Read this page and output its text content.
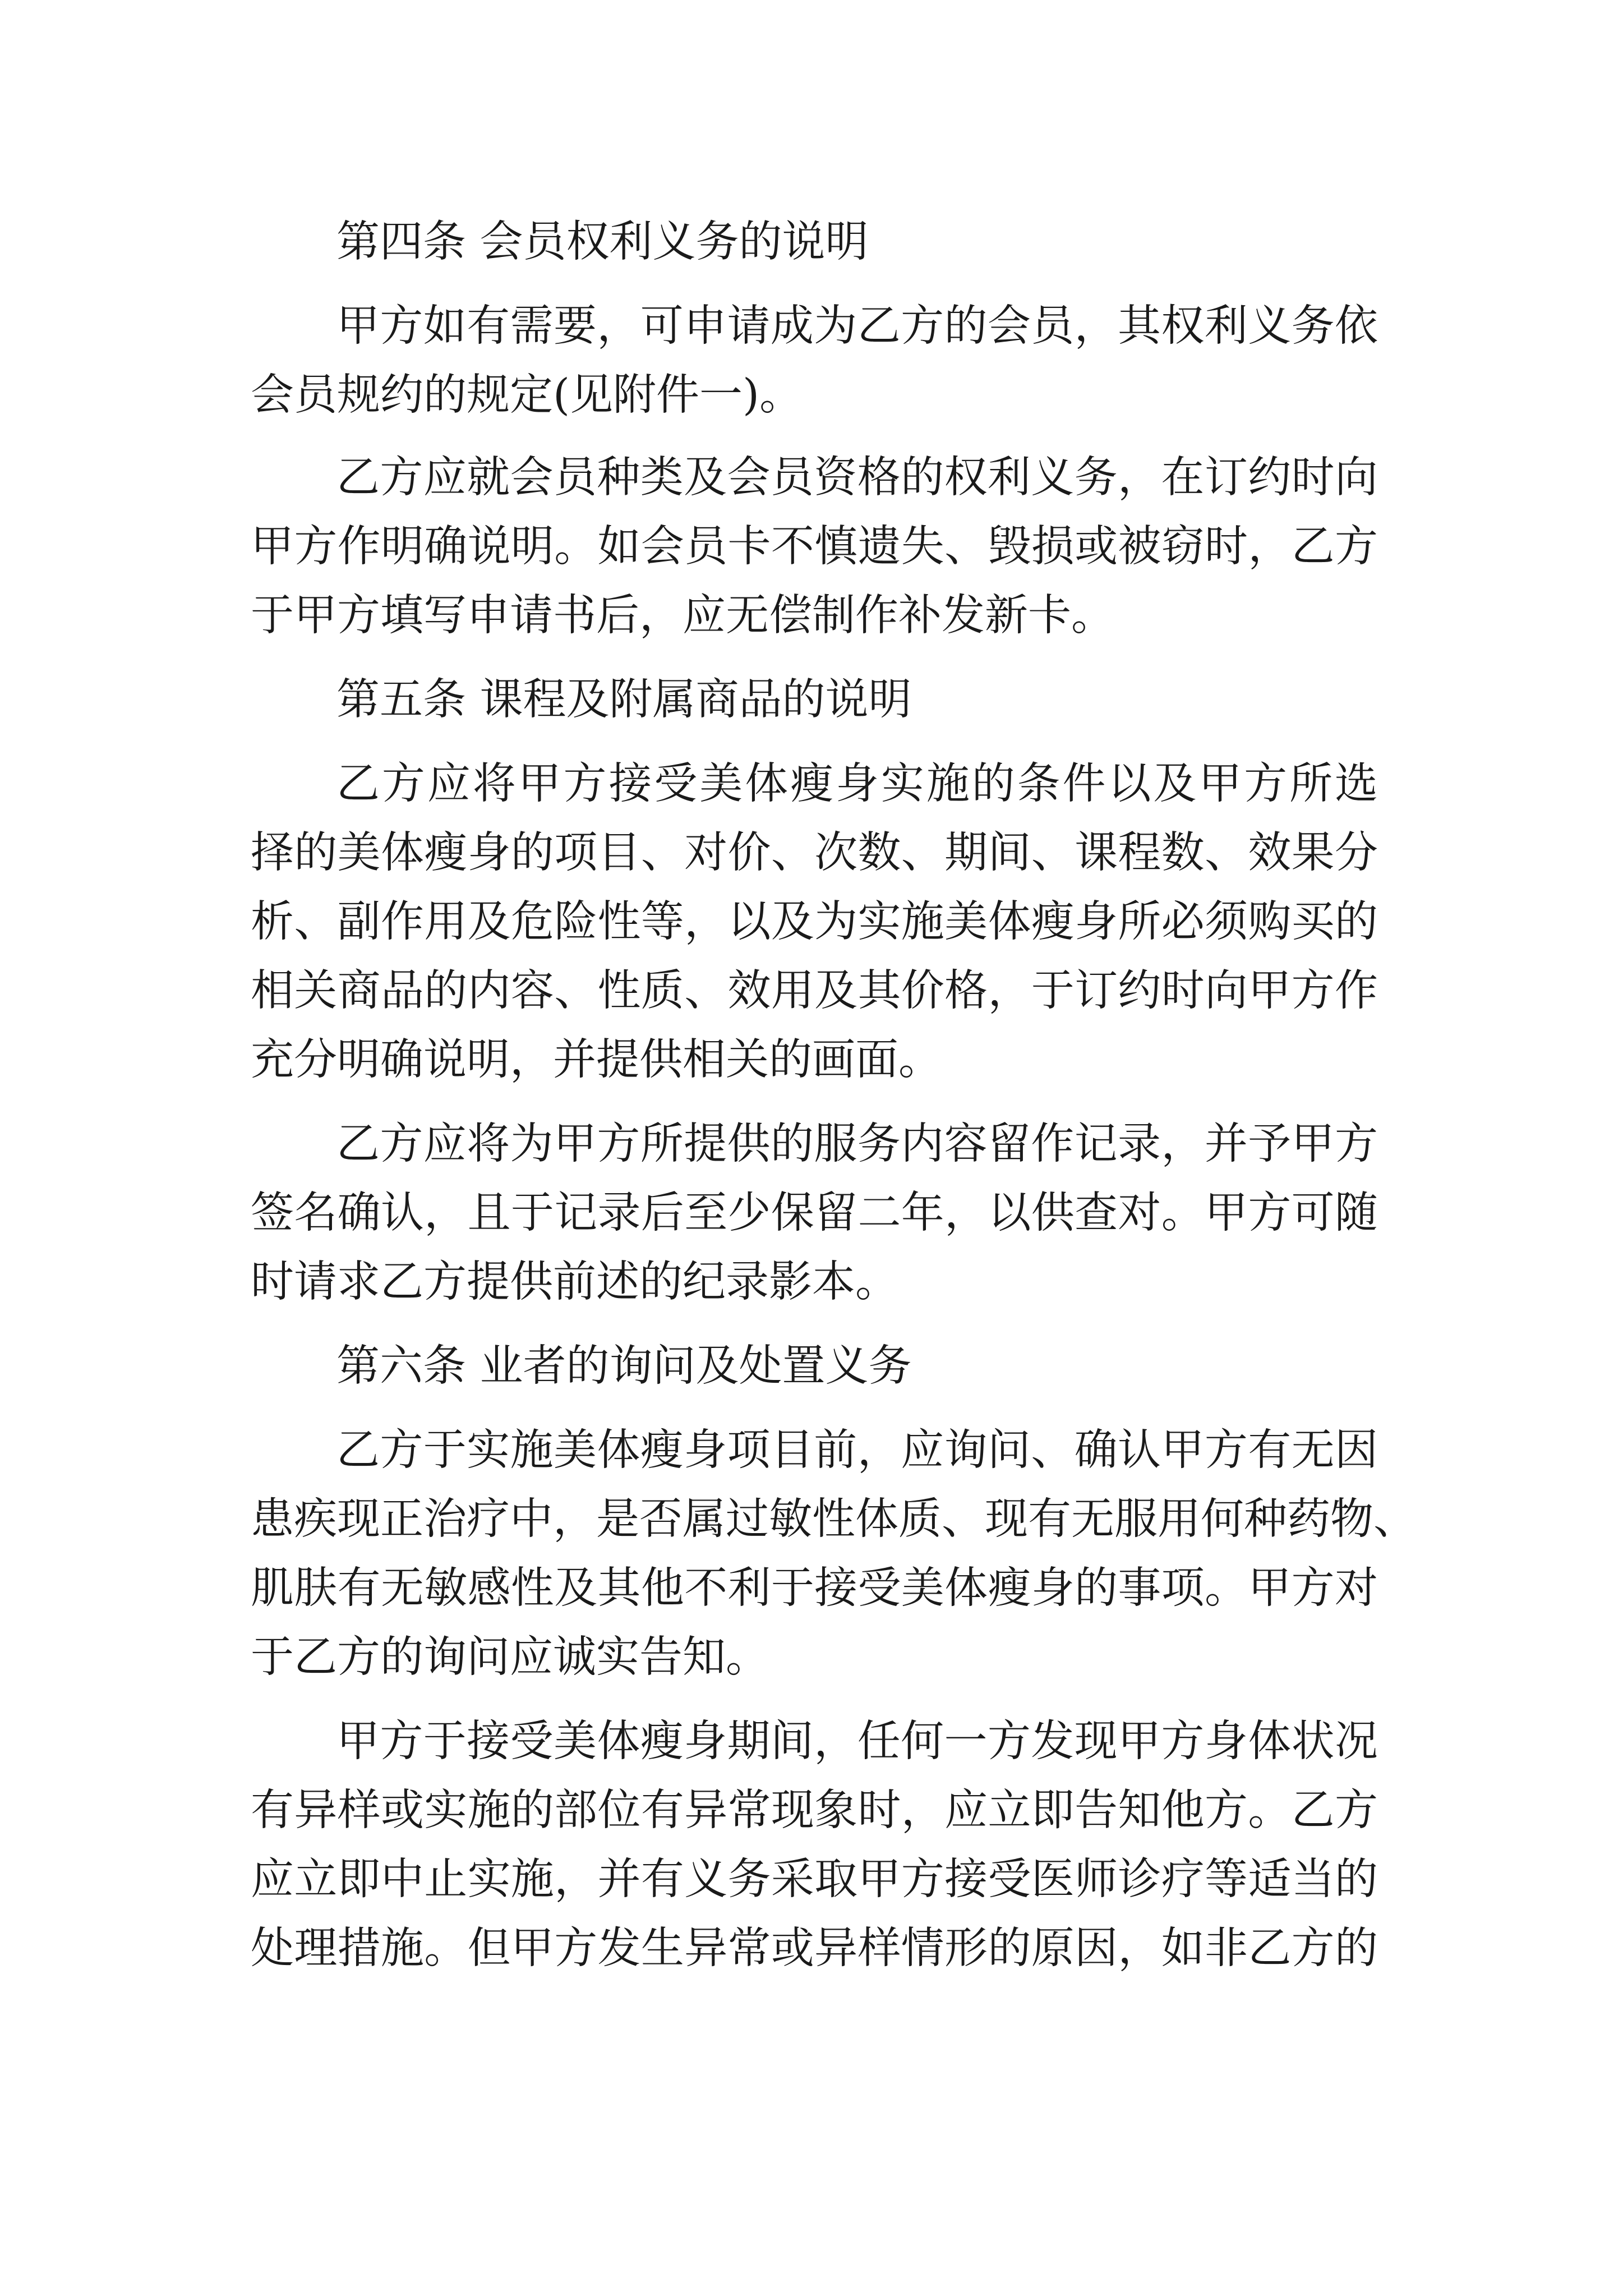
第四条 会员权利义务的说明
甲方如有需要，可申请成为乙方的会员，其权利义务依
会员规约的规定(见附件一)。
乙方应就会员种类及会员资格的权利义务，在订约时向
甲方作明确说明。如会员卡不慎遗失、毁损或被窃时，乙方
于甲方填写申请书后，应无偿制作补发新卡。
第五条 课程及附属商品的说明
乙方应将甲方接受美体瘦身实施的条件以及甲方所选
择的美体瘦身的项目、对价、次数、期间、课程数、效果分
析、副作用及危险性等，以及为实施美体瘦身所必须购买的
相关商品的内容、性质、效用及其价格，于订约时向甲方作
充分明确说明，并提供相关的画面。
乙方应将为甲方所提供的服务内容留作记录，并予甲方
签名确认，且于记录后至少保留二年，以供查对。甲方可随
时请求乙方提供前述的纪录影本。
第六条 业者的询问及处置义务
乙方于实施美体瘦身项目前，应询问、确认甲方有无因
患疾现正治疗中，是否属过敏性体质、现有无服用何种药物、
肌肤有无敏感性及其他不利于接受美体瘦身的事项。甲方对
于乙方的询问应诚实告知。
甲方于接受美体瘦身期间，任何一方发现甲方身体状况
有异样或实施的部位有异常现象时，应立即告知他方。乙方
应立即中止实施，并有义务采取甲方接受医师诊疗等适当的
处理措施。但甲方发生异常或异样情形的原因，如非乙方的
